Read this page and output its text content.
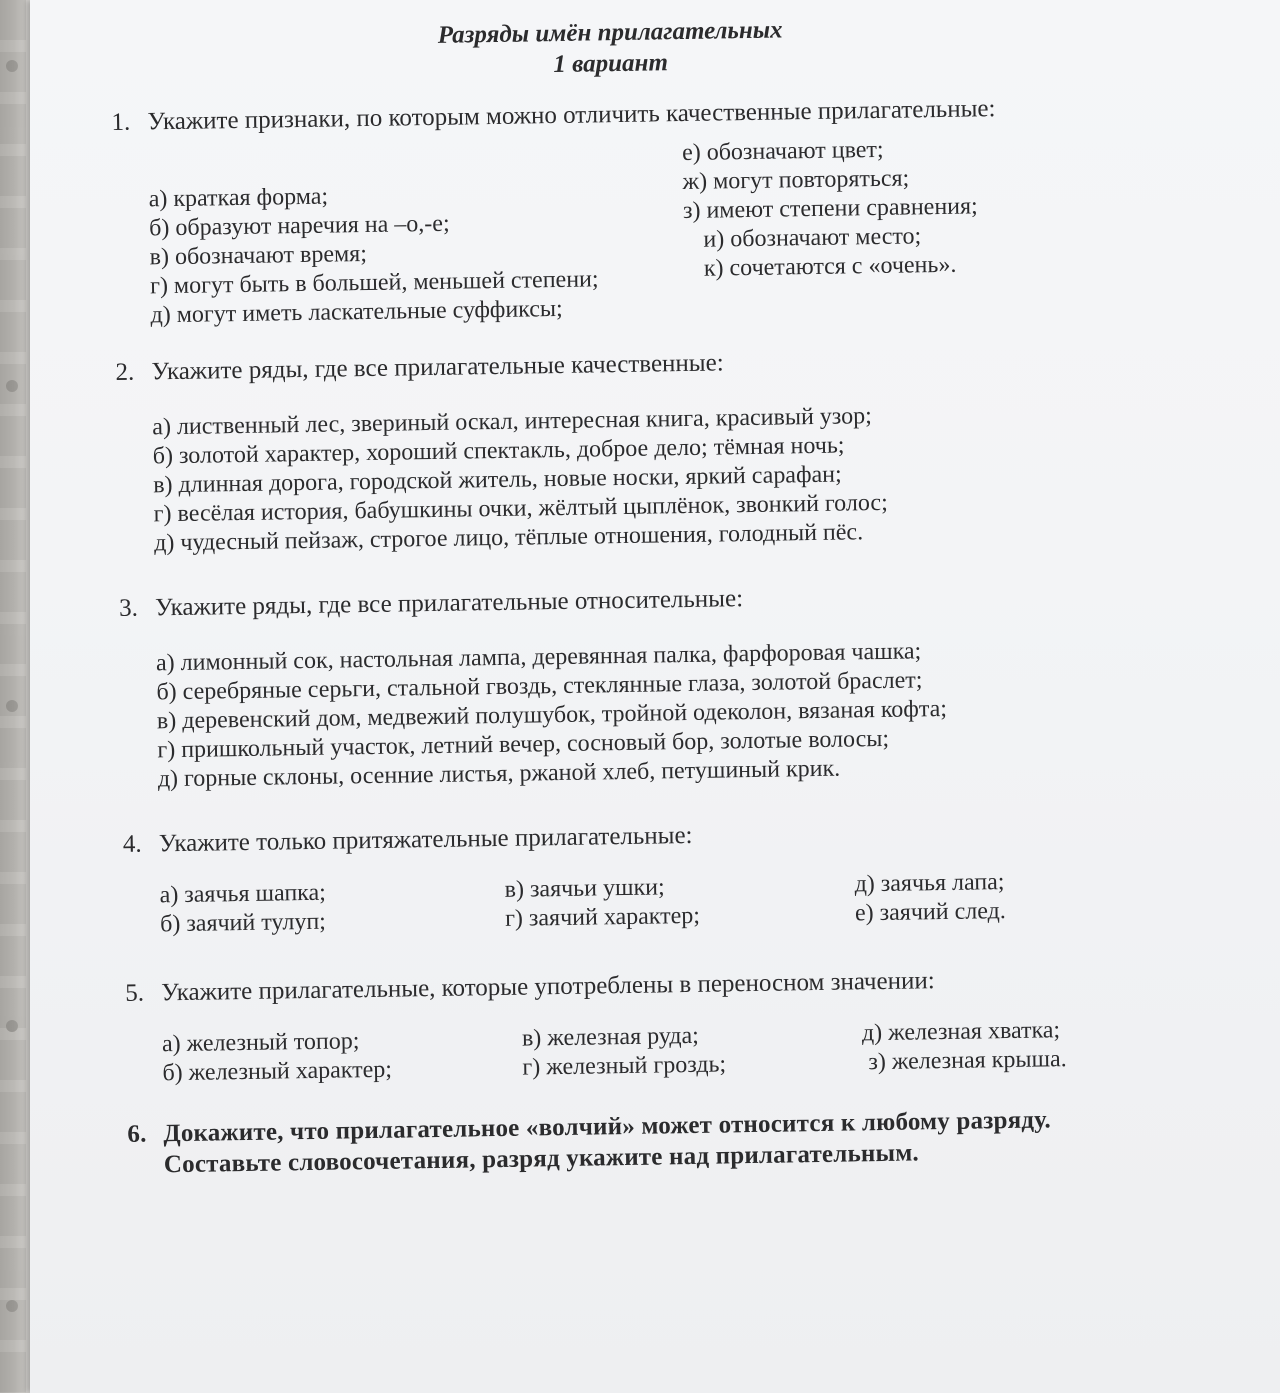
Разряды имён прилагательных
1 вариант

1. Укажите признаки, по которым можно отличить качественные прилагательные:

а) краткая форма;
б) образуют наречия на –о,-е;
в) обозначают время;
г) могут быть в большей, меньшей степени;
д) могут иметь ласкательные суффиксы;
е) обозначают цвет;
ж) могут повторяться;
з) имеют степени сравнения;
и) обозначают место;
к) сочетаются с «очень».

2. Укажите ряды, где все прилагательные качественные:

а) лиственный лес, звериный оскал, интересная книга, красивый узор;
б) золотой характер, хороший спектакль, доброе дело; тёмная ночь;
в) длинная дорога, городской житель, новые носки, яркий сарафан;
г) весёлая история, бабушкины очки, жёлтый цыплёнок, звонкий голос;
д) чудесный пейзаж, строгое лицо, тёплые отношения, голодный пёс.

3. Укажите ряды, где все прилагательные относительные:

а) лимонный сок, настольная лампа, деревянная палка, фарфоровая чашка;
б) серебряные серьги, стальной гвоздь, стеклянные глаза, золотой браслет;
в) деревенский дом, медвежий полушубок, тройной одеколон, вязаная кофта;
г) пришкольный участок, летний вечер, сосновый бор, золотые волосы;
д) горные склоны, осенние листья, ржаной хлеб, петушиный крик.

4. Укажите только притяжательные прилагательные:

а) заячья шапка;
б) заячий тулуп;
в) заячьи ушки;
г) заячий характер;
д) заячья лапа;
е) заячий след.

5. Укажите прилагательные, которые употреблены в переносном значении:

а) железный топор;
б) железный характер;
в) железная руда;
г) железный гроздь;
д) железная хватка;
з) железная крыша.
6. Докажите, что прилагательное «волчий» может относится к любому разряду.
Составьте словосочетания, разряд укажите над прилагательным.
